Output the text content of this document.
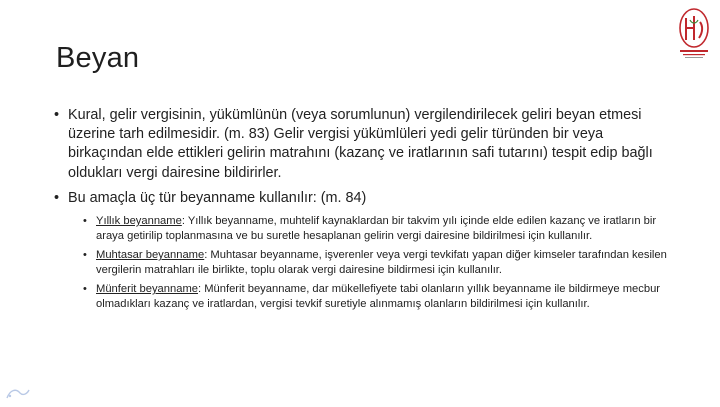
Beyan
• Kural, gelir vergisinin, yükümlünün (veya sorumlunun) vergilendirilecek geliri beyan etmesi üzerine tarh edilmesidir. (m. 83) Gelir vergisi yükümlüleri yedi gelir türünden bir veya birkaçından elde ettikleri gelirin matrahını (kazanç ve iratlarının safi tutarını) tespit edip bağlı oldukları vergi dairesine bildirirler.
• Bu amaçla üç tür beyanname kullanılır: (m. 84)
• Yıllık beyanname: Yıllık beyanname, muhtelif kaynaklardan bir takvim yılı içinde elde edilen kazanç ve iratların bir araya getirilip toplanmasına ve bu suretle hesaplanan gelirin vergi dairesine bildirilmesi için kullanılır.
• Muhtasar beyanname: Muhtasar beyanname, işverenler veya vergi tevkifatı yapan diğer kimseler tarafından kesilen vergilerin matrahları ile birlikte, toplu olarak vergi dairesine bildirmesi için kullanılır.
• Münferit beyanname: Münferit beyanname, dar mükellefiyete tabi olanların yıllık beyanname ile bildirmeye mecbur olmadıkları kazanç ve iratlardan, vergisi tevkif suretiyle alınmamış olanların bildirilmesi için kullanılır.
